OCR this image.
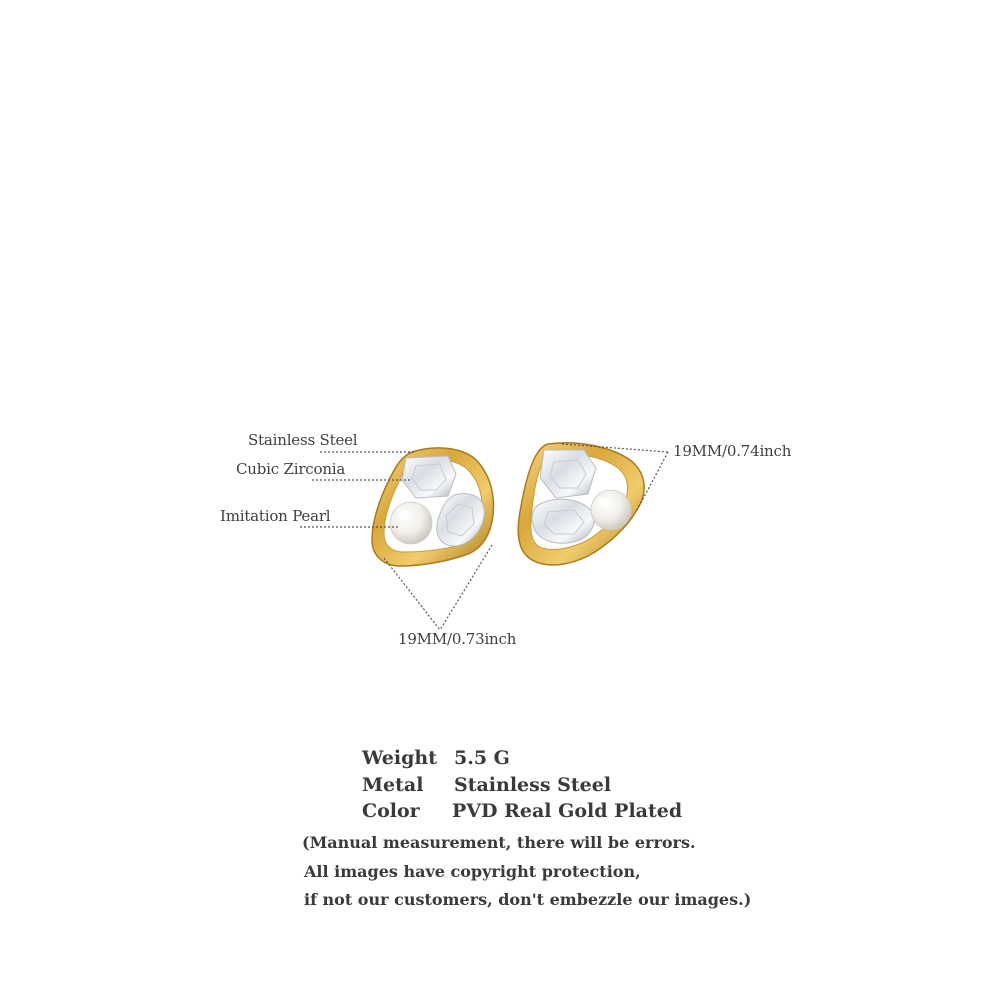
Stainless Steel
Cubic Zirconia
Imitation Pearl
19MM/0.74inch
19MM/0.73inch
Weight 5.5 G
Metal Stainless Steel
Color PVD Real Gold Plated
(Manual measurement, there will be errors.
All images have copyright protection,
if not our customers, don't embezzle our images.)
